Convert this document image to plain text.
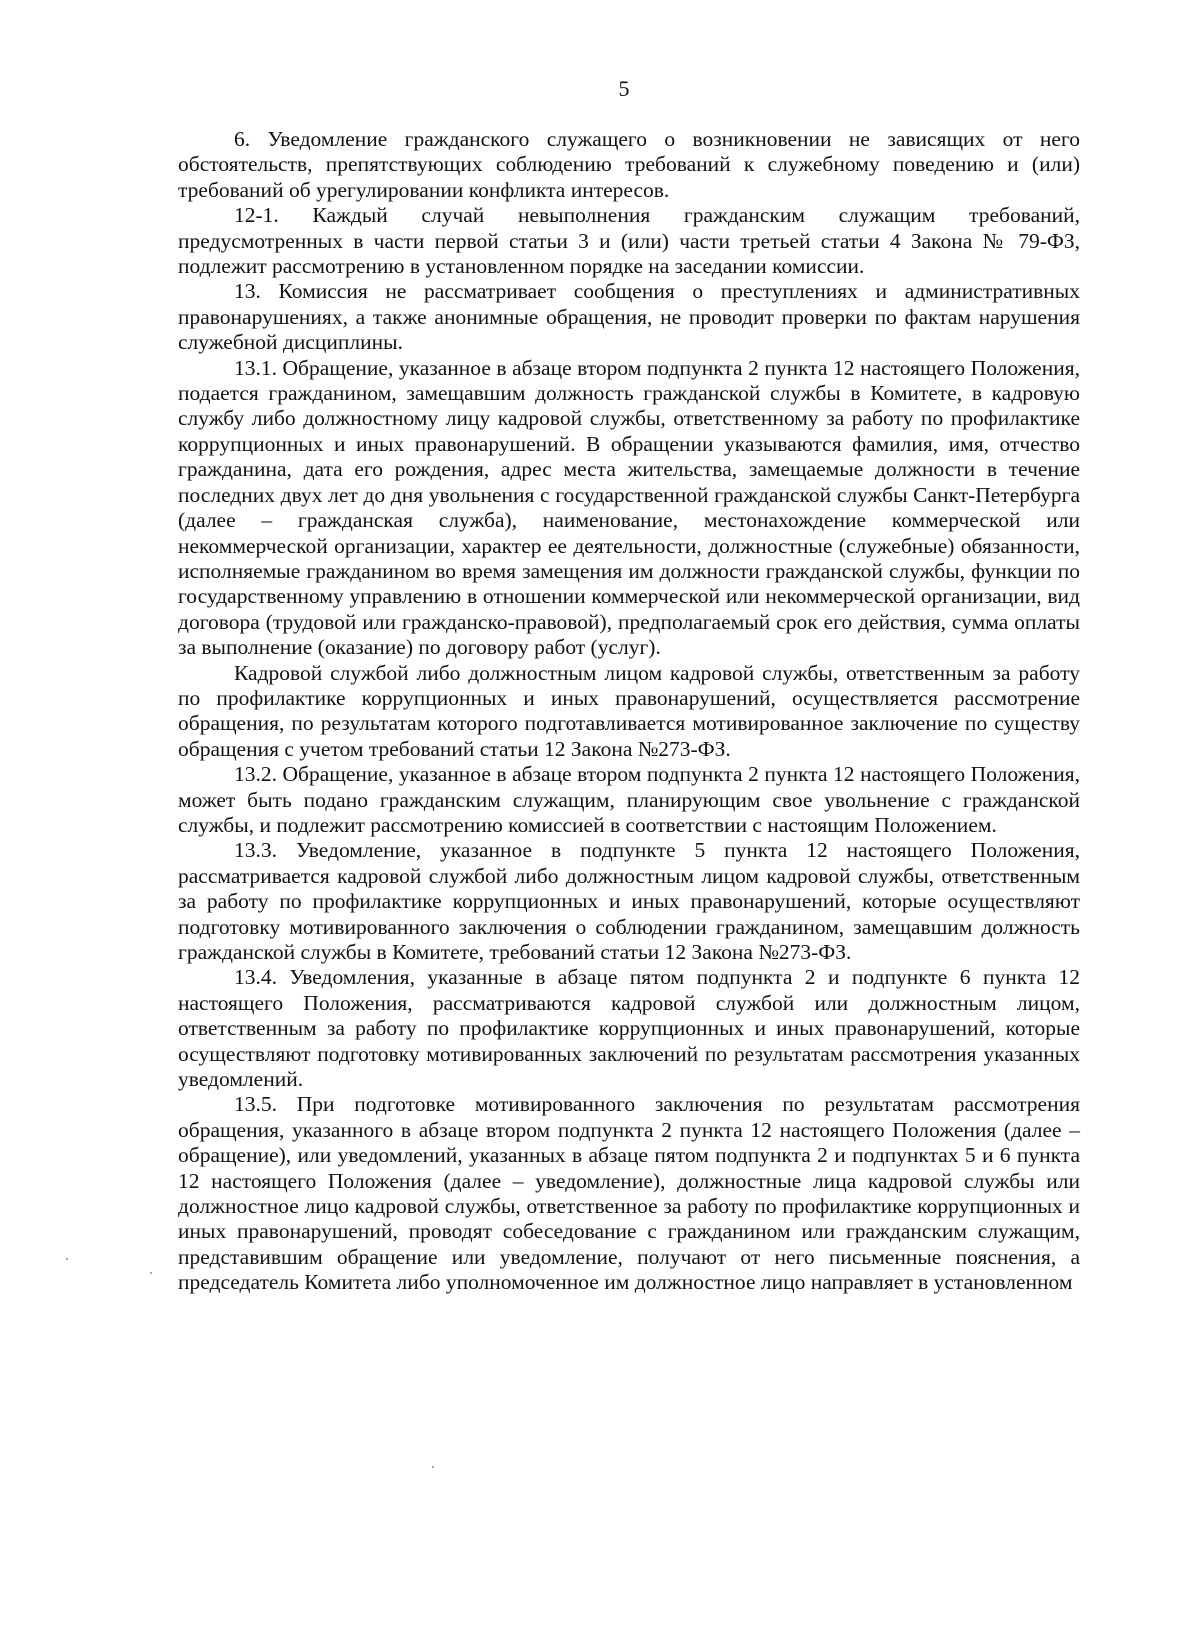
5

6. Уведомление гражданского служащего о возникновении не зависящих от него обстоятельств, препятствующих соблюдению требований к служебному поведению и (или) требований об урегулировании конфликта интересов.

12-1. Каждый случай невыполнения гражданским служащим требований, предусмотренных в части первой статьи 3 и (или) части третьей статьи 4 Закона № 79-ФЗ, подлежит рассмотрению в установленном порядке на заседании комиссии.

13. Комиссия не рассматривает сообщения о преступлениях и административных правонарушениях, а также анонимные обращения, не проводит проверки по фактам нарушения служебной дисциплины.

13.1. Обращение, указанное в абзаце втором подпункта 2 пункта 12 настоящего Положения, подается гражданином, замещавшим должность гражданской службы в Комитете, в кадровую службу либо должностному лицу кадровой службы, ответственному за работу по профилактике коррупционных и иных правонарушений. В обращении указываются фамилия, имя, отчество гражданина, дата его рождения, адрес места жительства, замещаемые должности в течение последних двух лет до дня увольнения с государственной гражданской службы Санкт-Петербурга (далее – гражданская служба), наименование, местонахождение коммерческой или некоммерческой организации, характер ее деятельности, должностные (служебные) обязанности, исполняемые гражданином во время замещения им должности гражданской службы, функции по государственному управлению в отношении коммерческой или некоммерческой организации, вид договора (трудовой или гражданско-правовой), предполагаемый срок его действия, сумма оплаты за выполнение (оказание) по договору работ (услуг).

Кадровой службой либо должностным лицом кадровой службы, ответственным за работу по профилактике коррупционных и иных правонарушений, осуществляется рассмотрение обращения, по результатам которого подготавливается мотивированное заключение по существу обращения с учетом требований статьи 12 Закона №273-ФЗ.

13.2. Обращение, указанное в абзаце втором подпункта 2 пункта 12 настоящего Положения, может быть подано гражданским служащим, планирующим свое увольнение с гражданской службы, и подлежит рассмотрению комиссией в соответствии с настоящим Положением.

13.3. Уведомление, указанное в подпункте 5 пункта 12 настоящего Положения, рассматривается кадровой службой либо должностным лицом кадровой службы, ответственным за работу по профилактике коррупционных и иных правонарушений, которые осуществляют подготовку мотивированного заключения о соблюдении гражданином, замещавшим должность гражданской службы в Комитете, требований статьи 12 Закона №273-ФЗ.

13.4. Уведомления, указанные в абзаце пятом подпункта 2 и подпункте 6 пункта 12 настоящего Положения, рассматриваются кадровой службой или должностным лицом, ответственным за работу по профилактике коррупционных и иных правонарушений, которые осуществляют подготовку мотивированных заключений по результатам рассмотрения указанных уведомлений.

13.5. При подготовке мотивированного заключения по результатам рассмотрения обращения, указанного в абзаце втором подпункта 2 пункта 12 настоящего Положения (далее – обращение), или уведомлений, указанных в абзаце пятом подпункта 2 и подпунктах 5 и 6 пункта 12 настоящего Положения (далее – уведомление), должностные лица кадровой службы или должностное лицо кадровой службы, ответственное за работу по профилактике коррупционных и иных правонарушений, проводят собеседование с гражданином или гражданским служащим, представившим обращение или уведомление, получают от него письменные пояснения, а председатель Комитета либо уполномоченное им должностное лицо направляет в установленном
